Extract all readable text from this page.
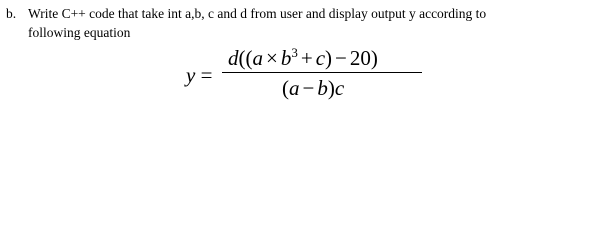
b. Write C++ code that take int a,b, c and d from user and display output y according to
following equation
y =
$d((a \times b^3 + c) - 20)$
(a − b)c
